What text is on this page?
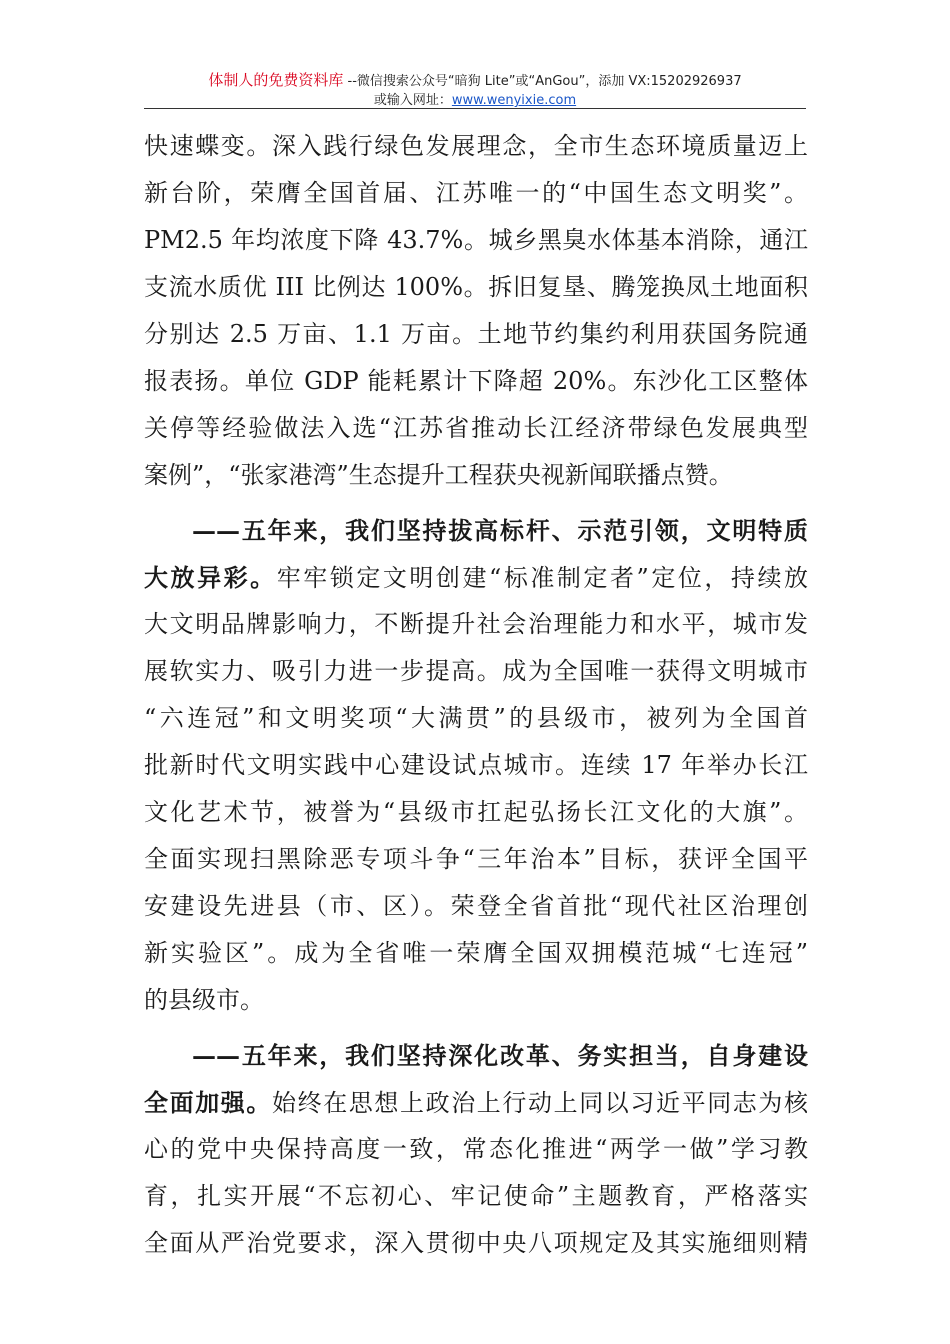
体制人的免费资料库 --微信搜索公众号“暗狗 Lite”或“AnGou”，添加 VX:15202926937
或输入网址：www.wenyixie.com
快速蝶变。深入践行绿色发展理念，全市生态环境质量迈上
新台阶，荣膺全国首届、江苏唯一的“中国生态文明奖”。
PM2.5 年均浓度下降 43.7%。城乡黑臭水体基本消除，通江
支流水质优 III 比例达 100%。拆旧复垦、腾笼换凤土地面积
分别达 2.5 万亩、1.1 万亩。土地节约集约利用获国务院通
报表扬。单位 GDP 能耗累计下降超 20%。东沙化工区整体
关停等经验做法入选“江苏省推动长江经济带绿色发展典型
案例”，“张家港湾”生态提升工程获央视新闻联播点赞。
——五年来，我们坚持拔高标杆、示范引领，文明特质
大放异彩。牢牢锁定文明创建“标准制定者”定位，持续放
大文明品牌影响力，不断提升社会治理能力和水平，城市发
展软实力、吸引力进一步提高。成为全国唯一获得文明城市
“六连冠”和文明奖项“大满贯”的县级市，被列为全国首
批新时代文明实践中心建设试点城市。连续 17 年举办长江
文化艺术节，被誉为“县级市扛起弘扬长江文化的大旗”。
全面实现扫黑除恶专项斗争“三年治本”目标，获评全国平
安建设先进县（市、区）。荣登全省首批“现代社区治理创
新实验区”。成为全省唯一荣膺全国双拥模范城“七连冠”
的县级市。
——五年来，我们坚持深化改革、务实担当，自身建设
全面加强。始终在思想上政治上行动上同以习近平同志为核
心的党中央保持高度一致，常态化推进“两学一做”学习教
育，扎实开展“不忘初心、牢记使命”主题教育，严格落实
全面从严治党要求，深入贯彻中央八项规定及其实施细则精
